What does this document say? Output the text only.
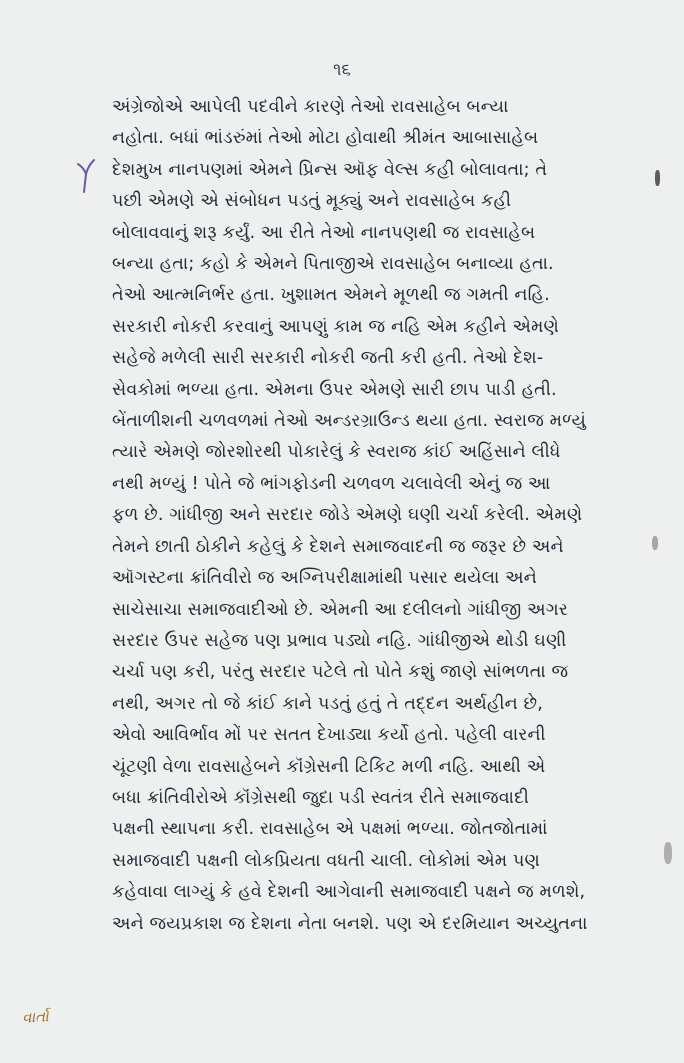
૧૬
અંગ્રેજોએ આપેલી પદવીને કારણે તેઓ રાવસાહેબ બન્યા
નહોતા. બધાં ભાંડરુંમાં તેઓ મોટા હોવાથી શ્રીમંત આબાસાહેબ
દેશમુખ નાનપણમાં એમને પ્રિન્સ ઑફ વેલ્સ કહી બોલાવતા; તે
પછી એમણે એ સંબોધન પડતું મૂક્યું અને રાવસાહેબ કહી
બોલાવવાનું શરૂ કર્યું. આ રીતે તેઓ નાનપણથી જ રાવસાહેબ
બન્યા હતા; કહો કે એમને પિતાજીએ રાવસાહેબ બનાવ્યા હતા.
તેઓ આત્મનિર્ભર હતા. ખુશામત એમને મૂળથી જ ગમતી નહિ.
સરકારી નોકરી કરવાનું આપણું કામ જ નહિ એમ કહીને એમણે
સહેજે મળેલી સારી સરકારી નોકરી જતી કરી હતી. તેઓ દેશ-
સેવકોમાં ભળ્યા હતા. એમના ઉપર એમણે સારી છાપ પાડી હતી.
બેંતાળીશની ચળવળમાં તેઓ અન્ડરગ્રાઉન્ડ થયા હતા. સ્વરાજ મળ્યું
ત્યારે એમણે જોરશોરથી પોકારેલું કે સ્વરાજ કાંઈ અહિંસાને લીધે
નથી મળ્યું ! પોતે જે ભાંગફોડની ચળવળ ચલાવેલી એનું જ આ
ફળ છે. ગાંધીજી અને સરદાર જોડે એમણે ઘણી ચર્ચા કરેલી. એમણે
તેમને છાતી ઠોકીને કહેલું કે દેશને સમાજવાદની જ જરૂર છે અને
ઑગસ્ટના ક્રાંતિવીરો જ અગ્નિપરીક્ષામાંથી પસાર થયેલા અને
સાચેસાચા સમાજવાદીઓ છે. એમની આ દલીલનો ગાંધીજી અગર
સરદાર ઉપર સહેજ પણ પ્રભાવ પડ્યો નહિ. ગાંધીજીએ થોડી ઘણી
ચર્ચા પણ કરી, પરંતુ સરદાર પટેલે તો પોતે કશું જાણે સાંભળતા જ
નથી, અગર તો જે કાંઈ કાને પડતું હતું તે તદ્દન અર્થહીન છે,
એવો આવિર્ભાવ મોં પર સતત દેખાડ્યા કર્યો હતો. પહેલી વારની
ચૂંટણી વેળા રાવસાહેબને કૉંગ્રેસની ટિકિટ મળી નહિ. આથી એ
બધા ક્રાંતિવીરોએ કૉંગ્રેસથી જુદા પડી સ્વતંત્ર રીતે સમાજવાદી
પક્ષની સ્થાપના કરી. રાવસાહેબ એ પક્ષમાં ભળ્યા. જોતજોતામાં
સમાજવાદી પક્ષની લોકપ્રિયતા વધતી ચાલી. લોકોમાં એમ પણ
કહેવાવા લાગ્યું કે હવે દેશની આગેવાની સમાજવાદી પક્ષને જ મળશે,
અને જયપ્રકાશ જ દેશના નેતા બનશે. પણ એ દરમિયાન અચ્યુતના
વાર્તા
